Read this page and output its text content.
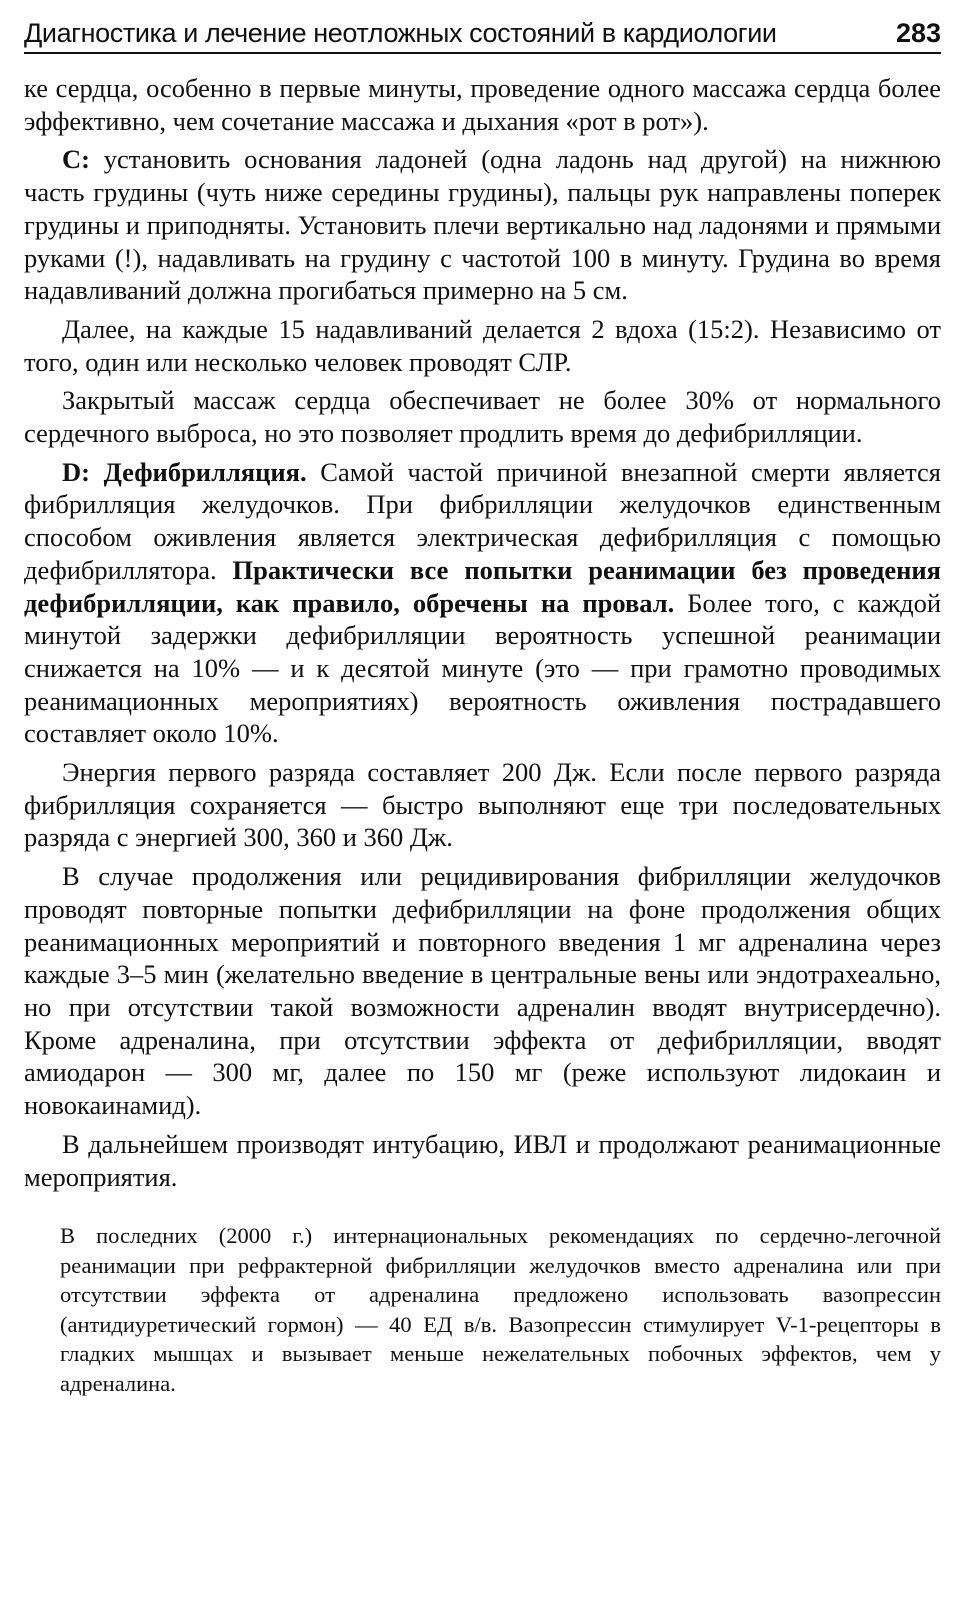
Диагностика и лечение неотложных состояний в кардиологии	283

ке сердца, особенно в первые минуты, проведение одного массажа сердца более эффективно, чем сочетание массажа и дыхания «рот в рот»).

С: установить основания ладоней (одна ладонь над другой) на нижнюю часть грудины (чуть ниже середины грудины), пальцы рук направлены поперек грудины и приподняты. Установить плечи вертикально над ладонями и прямыми руками (!), надавливать на грудину с частотой 100 в минуту. Грудина во время надавливаний должна прогибаться примерно на 5 см.

Далее, на каждые 15 надавливаний делается 2 вдоха (15:2). Независимо от того, один или несколько человек проводят СЛР.

Закрытый массаж сердца обеспечивает не более 30% от нормального сердечного выброса, но это позволяет продлить время до дефибрилляции.

D: Дефибрилляция. Самой частой причиной внезапной смерти является фибрилляция желудочков. При фибрилляции желудочков единственным способом оживления является электрическая дефибрилляция с помощью дефибриллятора. Практически все попытки реанимации без проведения дефибрилляции, как правило, обречены на провал. Более того, с каждой минутой задержки дефибрилляции вероятность успешной реанимации снижается на 10% — и к десятой минуте (это — при грамотно проводимых реанимационных мероприятиях) вероятность оживления пострадавшего составляет около 10%.

Энергия первого разряда составляет 200 Дж. Если после первого разряда фибрилляция сохраняется — быстро выполняют еще три последовательных разряда с энергией 300, 360 и 360 Дж.

В случае продолжения или рецидивирования фибрилляции желудочков проводят повторные попытки дефибрилляции на фоне продолжения общих реанимационных мероприятий и повторного введения 1 мг адреналина через каждые 3–5 мин (желательно введение в центральные вены или эндотрахеально, но при отсутствии такой возможности адреналин вводят внутрисердечно). Кроме адреналина, при отсутствии эффекта от дефибрилляции, вводят амиодарон — 300 мг, далее по 150 мг (реже используют лидокаин и новокаинамид).

В дальнейшем производят интубацию, ИВЛ и продолжают реанимационные мероприятия.

В последних (2000 г.) интернациональных рекомендациях по сердечно-легочной реанимации при рефрактерной фибрилляции желудочков вместо адреналина или при отсутствии эффекта от адреналина предложено использовать вазопрессин (антидиуретический гормон) — 40 ЕД в/в. Вазопрессин стимулирует V-1-рецепторы в гладких мышцах и вызывает меньше нежелательных побочных эффектов, чем у адреналина.
